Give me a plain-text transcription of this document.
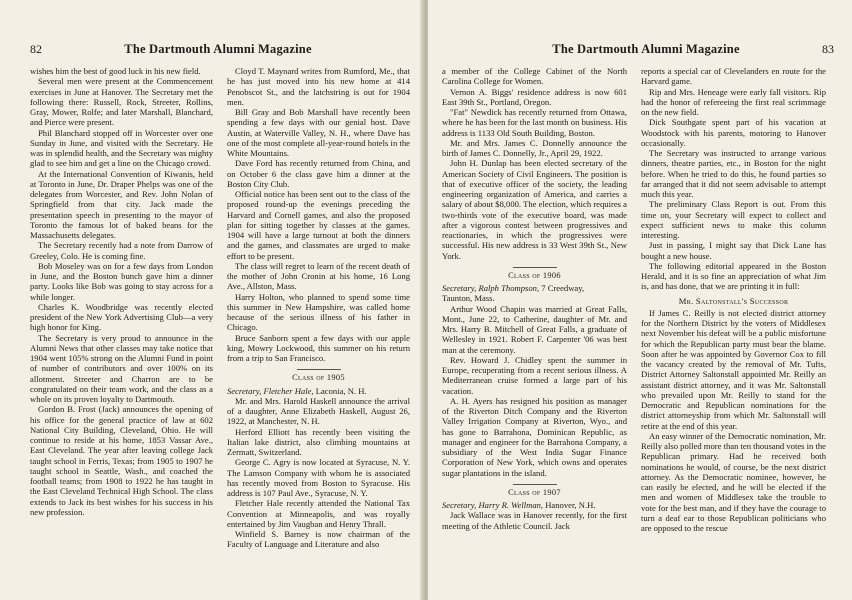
82	The Dartmouth Alumni Magazine

wishes him the best of good luck in his new field.

Several men were present at the Commencement exercises in June at Hanover. The Secretary met the following there: Russell, Rock, Streeter, Rollins, Gray, Mower, Rolfe; and later Marshall, Blanchard, and Pierce were present.

Phil Blanchard stopped off in Worcester over one Sunday in June, and visited with the Secretary. He was in splendid health, and the Secretary was mighty glad to see him and get a line on the Chicago crowd.

At the International Convention of Kiwanis, held at Toronto in June, Dr. Draper Phelps was one of the delegates from Worcester, and Rev. John Nolan of Springfield from that city. Jack made the presentation speech in presenting to the mayor of Toronto the famous lot of baked beans for the Massachusetts delegates.

The Secretary recently had a note from Darrow of Greeley, Colo. He is coming fine.

Bob Moseley was on for a few days from London in June, and the Boston bunch gave him a dinner party. Looks like Bob was going to stay across for a while longer.

Charles K. Woodbridge was recently elected president of the New York Advertising Club—a very high honor for King.

The Secretary is very proud to announce in the Alumni News that other classes may take notice that 1904 went 105% strong on the Alumni Fund in point of number of contributors and over 100% on its allotment. Streeter and Charron are to be congratulated on their team work, and the class as a whole on its proven loyalty to Dartmouth.

Gordon B. Frost (Jack) announces the opening of his office for the general practice of law at 602 National City Building, Cleveland, Ohio. He will continue to reside at his home, 1853 Vassar Ave., East Cleveland. The year after leaving college Jack taught school in Ferris, Texas; from 1905 to 1907 he taught school in Seattle, Wash., and coached the football teams; from 1908 to 1922 he has taught in the East Cleveland Technical High School. The class extends to Jack its best wishes for his success in his new profession.

Cloyd T. Maynard writes from Rumford, Me., that he has just moved into his new home at 414 Penobscot St., and the latchstring is out for 1904 men.

Bill Gray and Bob Marshall have recently been spending a few days with our genial host. Dave Austin, at Waterville Valley, N. H., where Dave has one of the most complete all-year-round hotels in the White Mountains.

Dave Ford has recently returned from China, and on October 6 the class gave him a dinner at the Boston City Club.

Official notice has been sent out to the class of the proposed round-up the evenings preceding the Harvard and Cornell games, and also the proposed plan for sitting together by classes at the games. 1904 will have a large turnout at both the dinners and the games, and classmates are urged to make effort to be present.

The class will regret to learn of the recent death of the mother of John Cronin at his home, 16 Long Ave., Allston, Mass.

Harry Holton, who planned to spend some time this summer in New Hampshire, was called home because of the serious illness of his father in Chicago.

Bruce Sanborn spent a few days with our apple king, Mowry Lockwood, this summer on his return from a trip to San Francisco.

Class of 1905

Secretary, Fletcher Hale, Laconia, N. H.

Mr. and Mrs. Harold Haskell announce the arrival of a daughter, Anne Elizabeth Haskell, August 26, 1922, at Manchester, N. H.

Herford Elliott has recently been visiting the Italian lake district, also climbing mountains at Zermatt, Switzerland.

George C. Agry is now located at Syracuse, N. Y. The Lamson Company with whom he is associated has recently moved from Boston to Syracuse. His address is 107 Paul Ave., Syracuse, N. Y.

Fletcher Hale recently attended the National Tax Convention at Minneapolis, and was royally entertained by Jim Vaugban and Henry Thrall.

Winfield S. Barney is now chairman of the Faculty of Language and Literature and also

The Dartmouth Alumni Magazine	83

a member of the College Cabinet of the North Carolina College for Women.

Vernon A. Biggs' residence address is now 601 East 39th St., Portland, Oregon.

"Fat" Newdick has recently returned from Ottawa, where he has been for the last month on business. His address is 1133 Old South Building, Boston.

Mr. and Mrs. James C. Donnelly announce the birth of James C. Donnelly, Jr., April 29, 1922.

John H. Dunlap has been elected secretary of the American Society of Civil Engineers. The position is that of executive officer of the society, the leading engineering organization of America, and carries a salary of about $8,000. The election, which requires a two-thirds vote of the executive board, was made after a vigorous contest between progressives and reactionaries, in which the progressives were successful. His new address is 33 West 39th St., New York.

Class of 1906

Secretary, Ralph Thompson, 7 Creedway,

Taunton, Mass.

Arthur Wood Chapin was married at Great Falls, Mont., June 22, to Catherine, daughter of Mr. and Mrs. Harry B. Mitchell of Great Falls, a graduate of Wellesley in 1921. Robert F. Carpenter '06 was best man at the ceremony.

Rev. Howard J. Chidley spent the summer in Europe, recuperating from a recent serious illness. A Mediterranean cruise formed a large part of his vacation.

A. H. Ayers has resigned his position as manager of the Riverton Ditch Company and the Riverton Valley Irrigation Company at Riverton, Wyo., and has gone to Barrahona, Dominican Republic, as manager and engineer for the Barrahona Company, a subsidiary of the West India Sugar Finance Corporation of New York, which owns and operates sugar plantations in the island.

Class of 1907

Secretary, Harry R. Wellman, Hanover, N.H.

Jack Wallace was in Hanover recently, for the first meeting of the Athletic Council. Jack

reports a special car of Clevelanders en route for the Harvard game.

Rip and Mrs. Heneage were early fall visitors. Rip had the honor of refereeing the first real scrimmage on the new field.

Dick Southgate spent part of his vacation at Woodstock with his parents, motoring to Hanover occasionally.

The Secretary was instructed to arrange various dinners, theatre parties, etc., in Boston for the night before. When he tried to do this, he found parties so far arranged that it did not seem advisable to attempt much this year.

The preliminary Class Report is out. From this time on, your Secretary will expect to collect and expect sufficient news to make this column interesting.

Just in passing, I might say that Dick Lane has bought a new house.

The following editorial appeared in the Boston Herald, and it is so fine an appreciation of what Jim is, and has done, that we are printing it in full:

Mr. Saltonstall's Successor

If James C. Reilly is not elected district attorney for the Northern District by the voters of Middlesex next November his defeat will be a public misfortune for which the Republican party must bear the blame. Soon after he was appointed by Governor Cox to fill the vacancy created by the removal of Mr. Tufts, District Attorney Saltonstall appointed Mr. Reilly an assistant district attorney, and it was Mr. Saltonstall who prevailed upon Mr. Reilly to stand for the Democratic and Republican nominations for the district attorneyship from which Mr. Saltonstall will retire at the end of this year.

An easy winner of the Democratic nomination, Mr. Reilly also polled more than ten thousand votes in the Republican primary. Had he received both nominations he would, of course, be the next district attorney. As the Democratic nominee, however, he can easily be elected, and he will be elected if the men and women of Middlesex take the trouble to vote for the best man, and if they have the courage to turn a deaf ear to those Republican politicians who are opposed to the rescue
